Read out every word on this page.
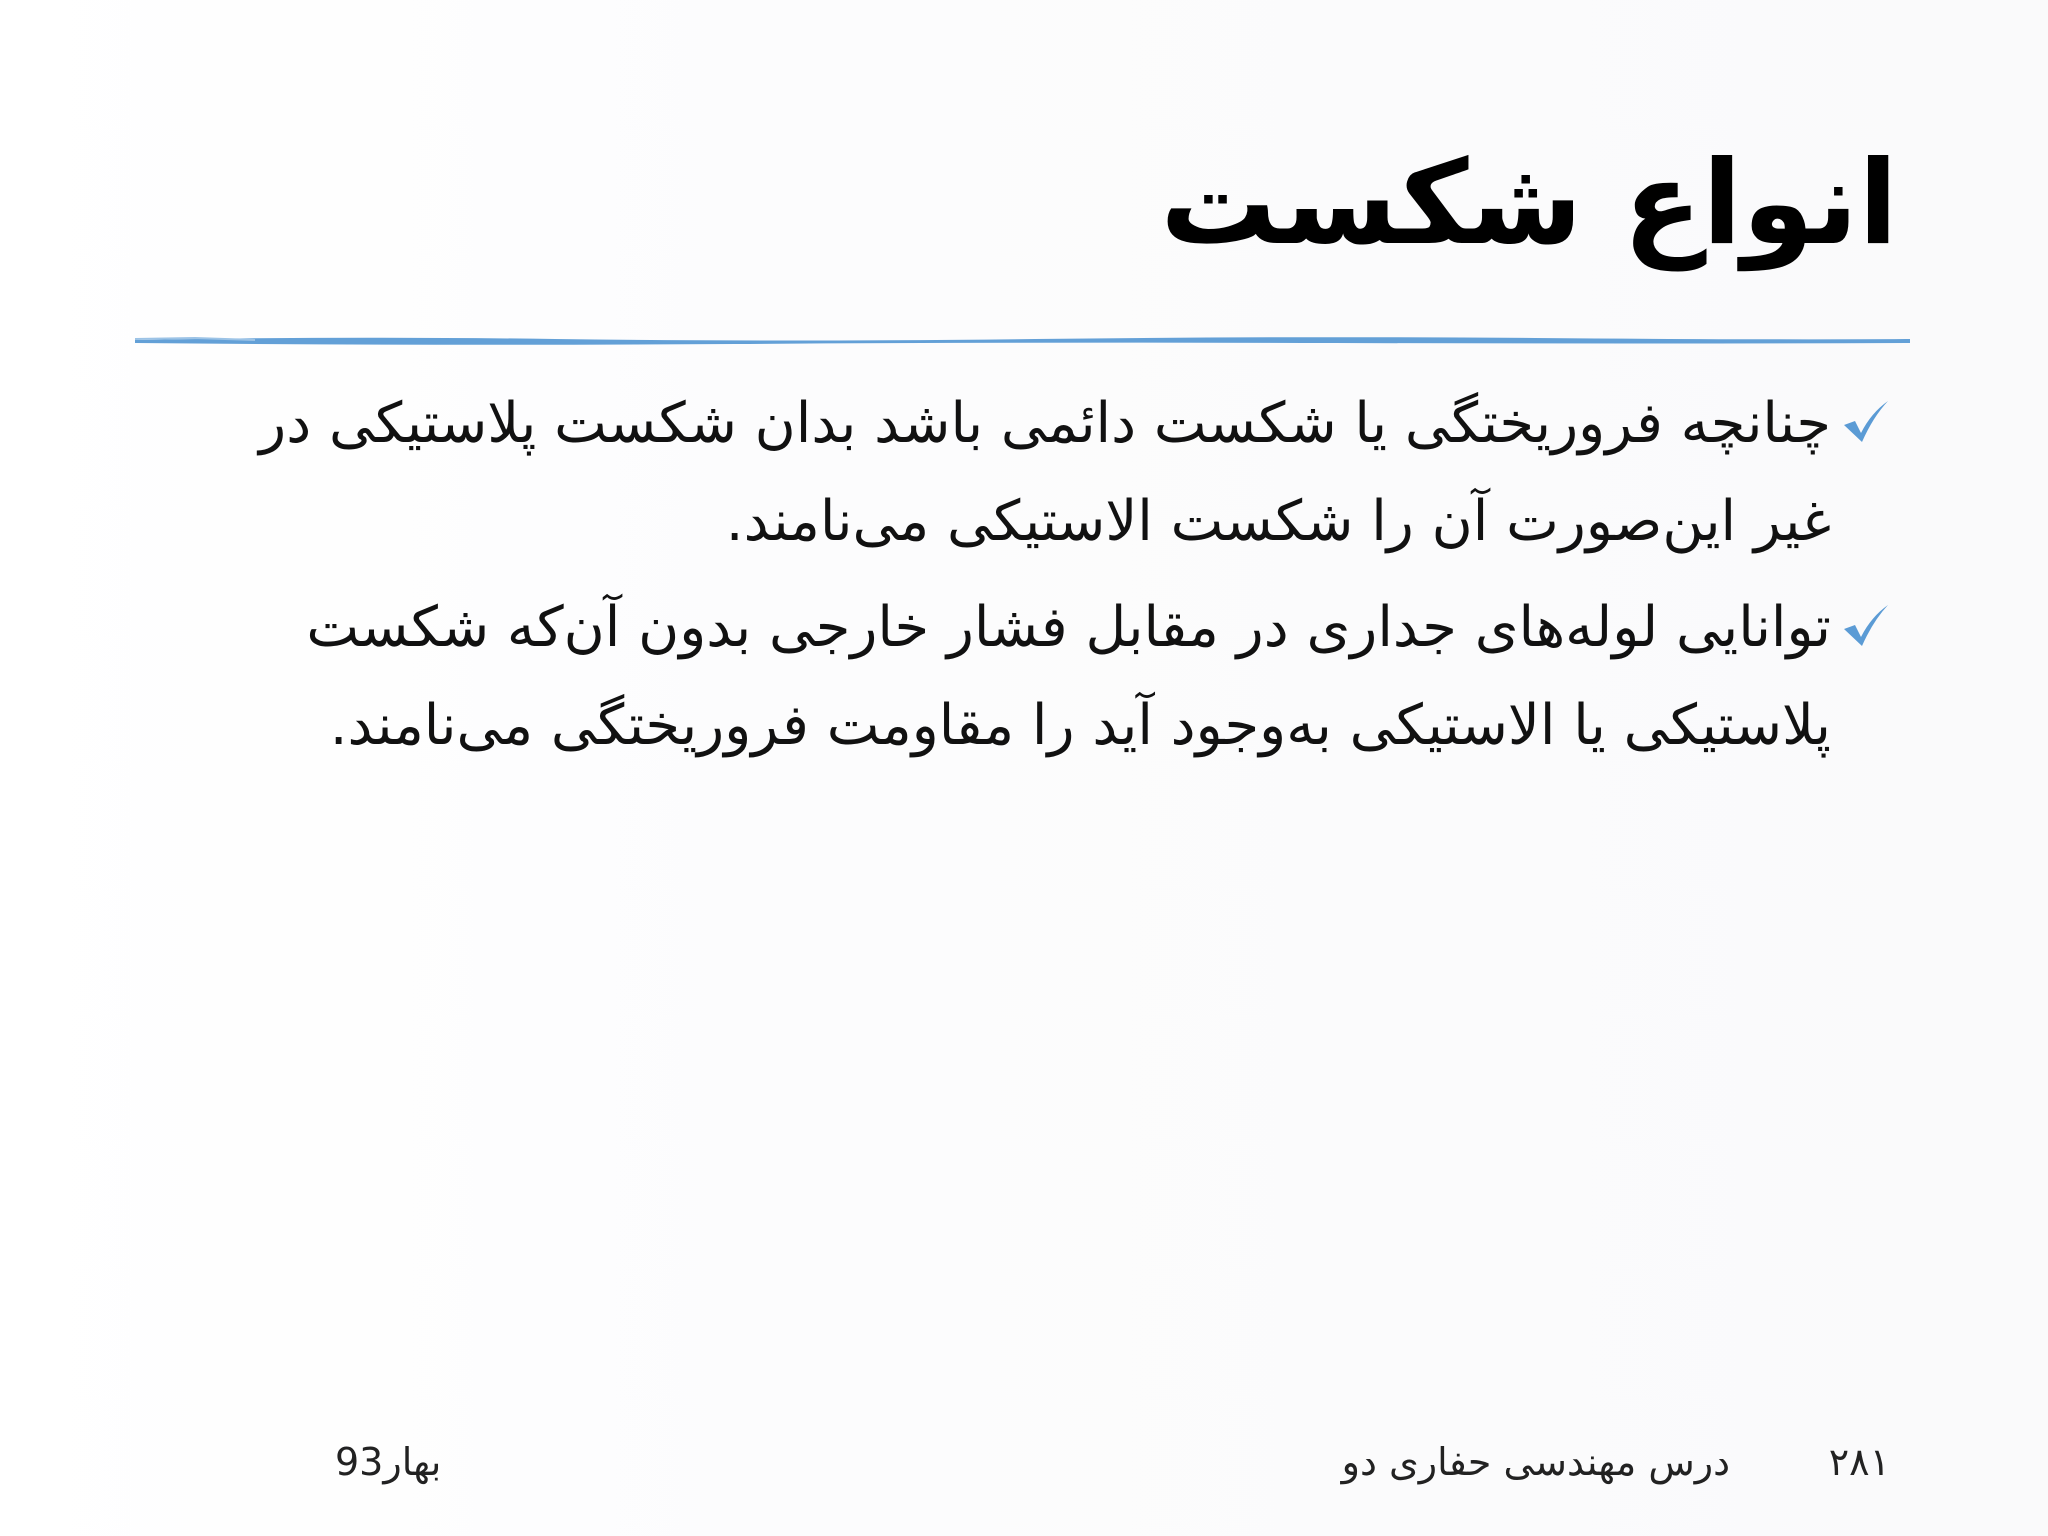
انواع شکست
چنانچه فروریختگی یا شکست دائمی باشد بدان شکست پلاستیکی در غیر این‌صورت آن را شکست الاستیکی می‌نامند.
توانایی لوله‌های جداری در مقابل فشار خارجی بدون آن‌که شکست پلاستیکی یا الاستیکی به‌وجود آید را مقاومت فروریختگی می‌نامند.
۲۸۱
درس مهندسی حفاری دو
بهار93
